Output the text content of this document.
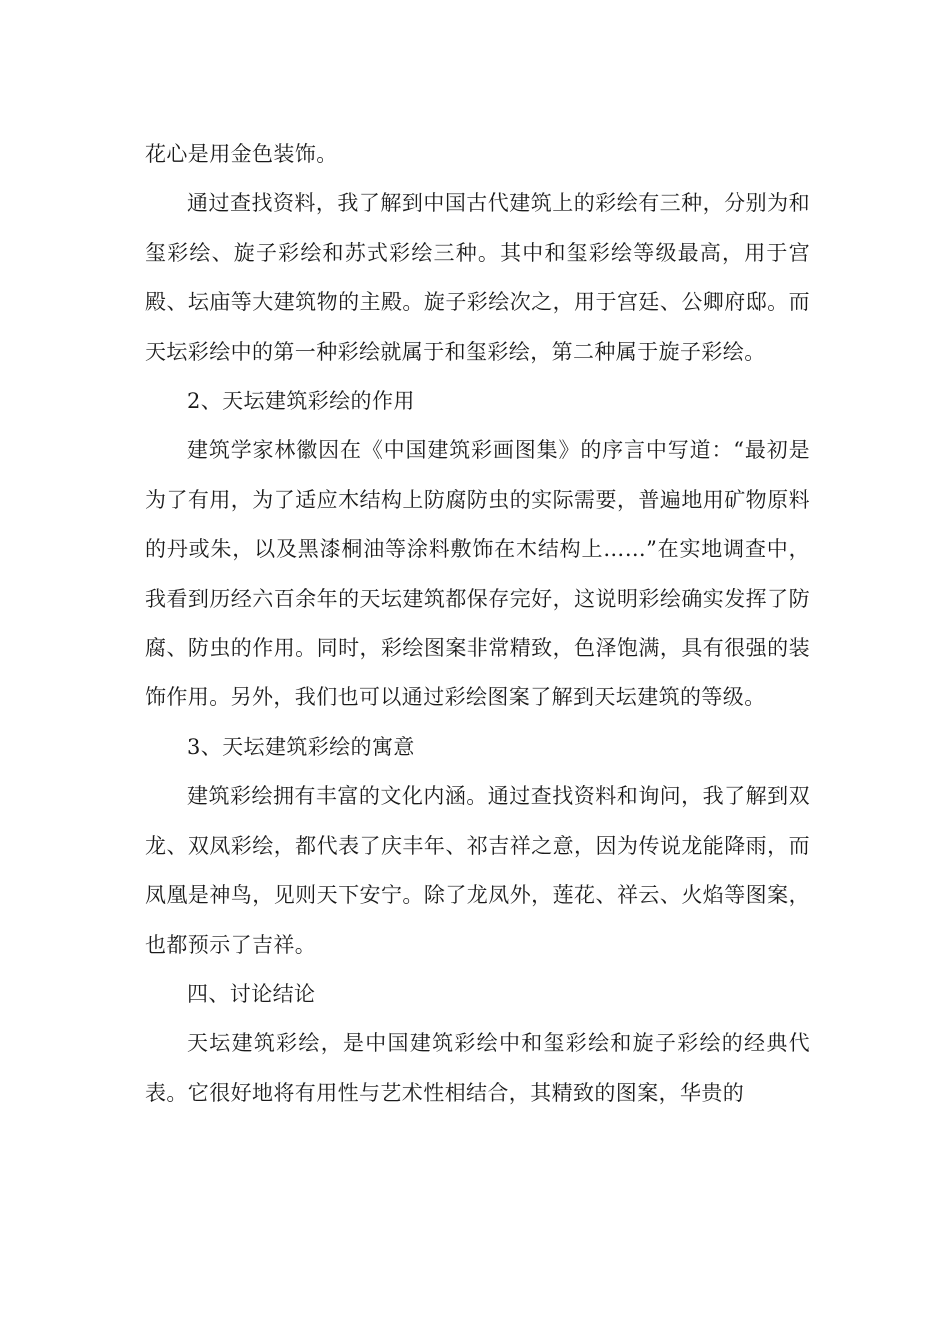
花心是用金色装饰。

通过查找资料，我了解到中国古代建筑上的彩绘有三种，分别为和玺彩绘、旋子彩绘和苏式彩绘三种。其中和玺彩绘等级最高，用于宫殿、坛庙等大建筑物的主殿。旋子彩绘次之，用于宫廷、公卿府邸。而天坛彩绘中的第一种彩绘就属于和玺彩绘，第二种属于旋子彩绘。

2、天坛建筑彩绘的作用

建筑学家林徽因在《中国建筑彩画图集》的序言中写道：“最初是为了有用，为了适应木结构上防腐防虫的实际需要，普遍地用矿物原料的丹或朱，以及黑漆桐油等涂料敷饰在木结构上……”在实地调查中，我看到历经六百余年的天坛建筑都保存完好，这说明彩绘确实发挥了防腐、防虫的作用。同时，彩绘图案非常精致，色泽饱满，具有很强的装饰作用。另外，我们也可以通过彩绘图案了解到天坛建筑的等级。

3、天坛建筑彩绘的寓意

建筑彩绘拥有丰富的文化内涵。通过查找资料和询问，我了解到双龙、双凤彩绘，都代表了庆丰年、祁吉祥之意，因为传说龙能降雨，而凤凰是神鸟，见则天下安宁。除了龙凤外，莲花、祥云、火焰等图案，也都预示了吉祥。

四、讨论结论

天坛建筑彩绘，是中国建筑彩绘中和玺彩绘和旋子彩绘的经典代表。它很好地将有用性与艺术性相结合，其精致的图案，华贵的
